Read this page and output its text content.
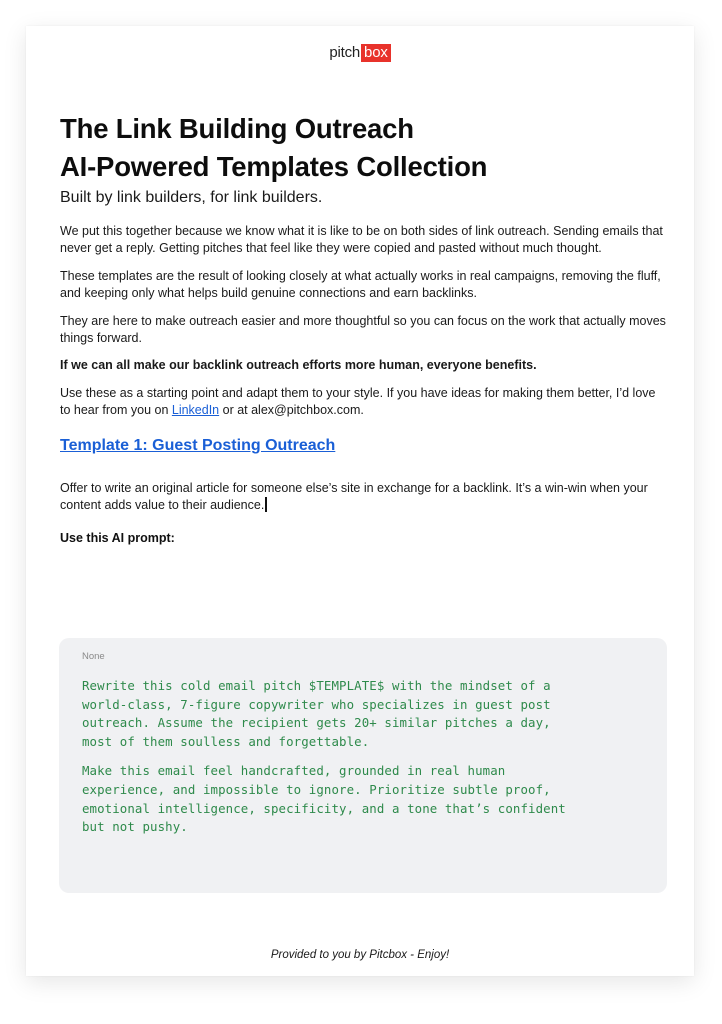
pitch box
The Link Building Outreach
AI-Powered Templates Collection
Built by link builders, for link builders.

We put this together because we know what it is like to be on both sides of link outreach. Sending emails that never get a reply. Getting pitches that feel like they were copied and pasted without much thought.

These templates are the result of looking closely at what actually works in real campaigns, removing the fluff, and keeping only what helps build genuine connections and earn backlinks.

They are here to make outreach easier and more thoughtful so you can focus on the work that actually moves things forward.

If we can all make our backlink outreach efforts more human, everyone benefits.

Use these as a starting point and adapt them to your style. If you have ideas for making them better, I’d love to hear from you on LinkedIn or at alex@pitchbox.com.

Template 1: Guest Posting Outreach

Offer to write an original article for someone else’s site in exchange for a backlink. It’s a win-win when your content adds value to their audience.

Use this AI prompt:
None
Rewrite this cold email pitch $TEMPLATE$ with the mindset of a
world-class, 7-figure copywriter who specializes in guest post
outreach. Assume the recipient gets 20+ similar pitches a day,
most of them soulless and forgettable.
Make this email feel handcrafted, grounded in real human
experience, and impossible to ignore. Prioritize subtle proof,
emotional intelligence, specificity, and a tone that’s confident
but not pushy.
Provided to you by Pitcbox - Enjoy!
